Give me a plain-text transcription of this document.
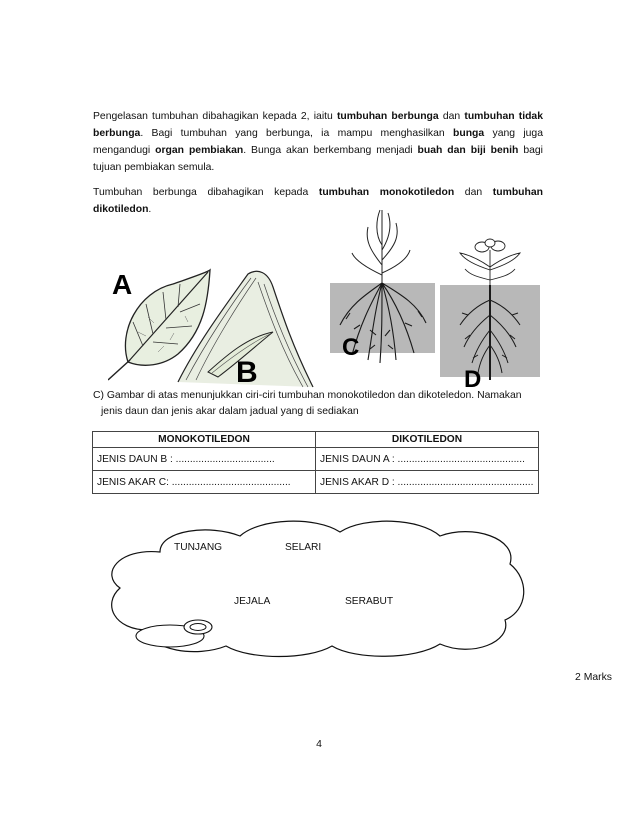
Pengelasan tumbuhan dibahagikan kepada 2, iaitu tumbuhan berbunga dan tumbuhan tidak berbunga. Bagi tumbuhan yang berbunga, ia mampu menghasilkan bunga yang juga mengandugi organ pembiakan. Bunga akan berkembang menjadi buah dan biji benih bagi tujuan pembiakan semula.
Tumbuhan berbunga dibahagikan kepada tumbuhan monokotiledon dan tumbuhan dikotiledon.
A
B
C
D
C) Gambar di atas menunjukkan ciri-ciri tumbuhan monokotiledon dan dikoteledon. Namakan
jenis daun dan jenis akar dalam jadual yang di sediakan
MONOKOTILEDON	DIKOTILEDON
JENIS DAUN B : ...................................	JENIS DAUN A : .............................................
JENIS AKAR C: ..........................................	JENIS AKAR D : ................................................
TUNJANG	SELARI
JEJALA	SERABUT
2 Marks
4
